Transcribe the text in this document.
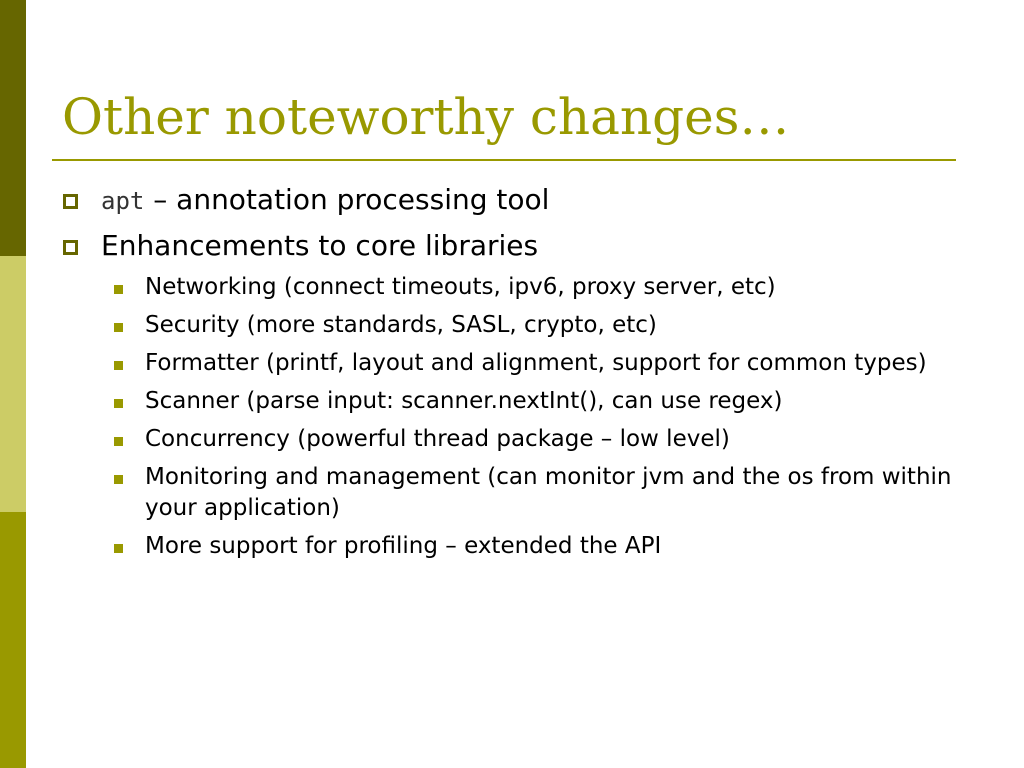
Other noteworthy changes…
apt – annotation processing tool
Enhancements to core libraries
Networking (connect timeouts, ipv6, proxy server, etc)
Security (more standards, SASL, crypto, etc)
Formatter (printf, layout and alignment, support for common types)
Scanner (parse input: scanner.nextInt(), can use regex)
Concurrency (powerful thread package – low level)
Monitoring and management (can monitor jvm and the os from within your application)
More support for profiling – extended the API
